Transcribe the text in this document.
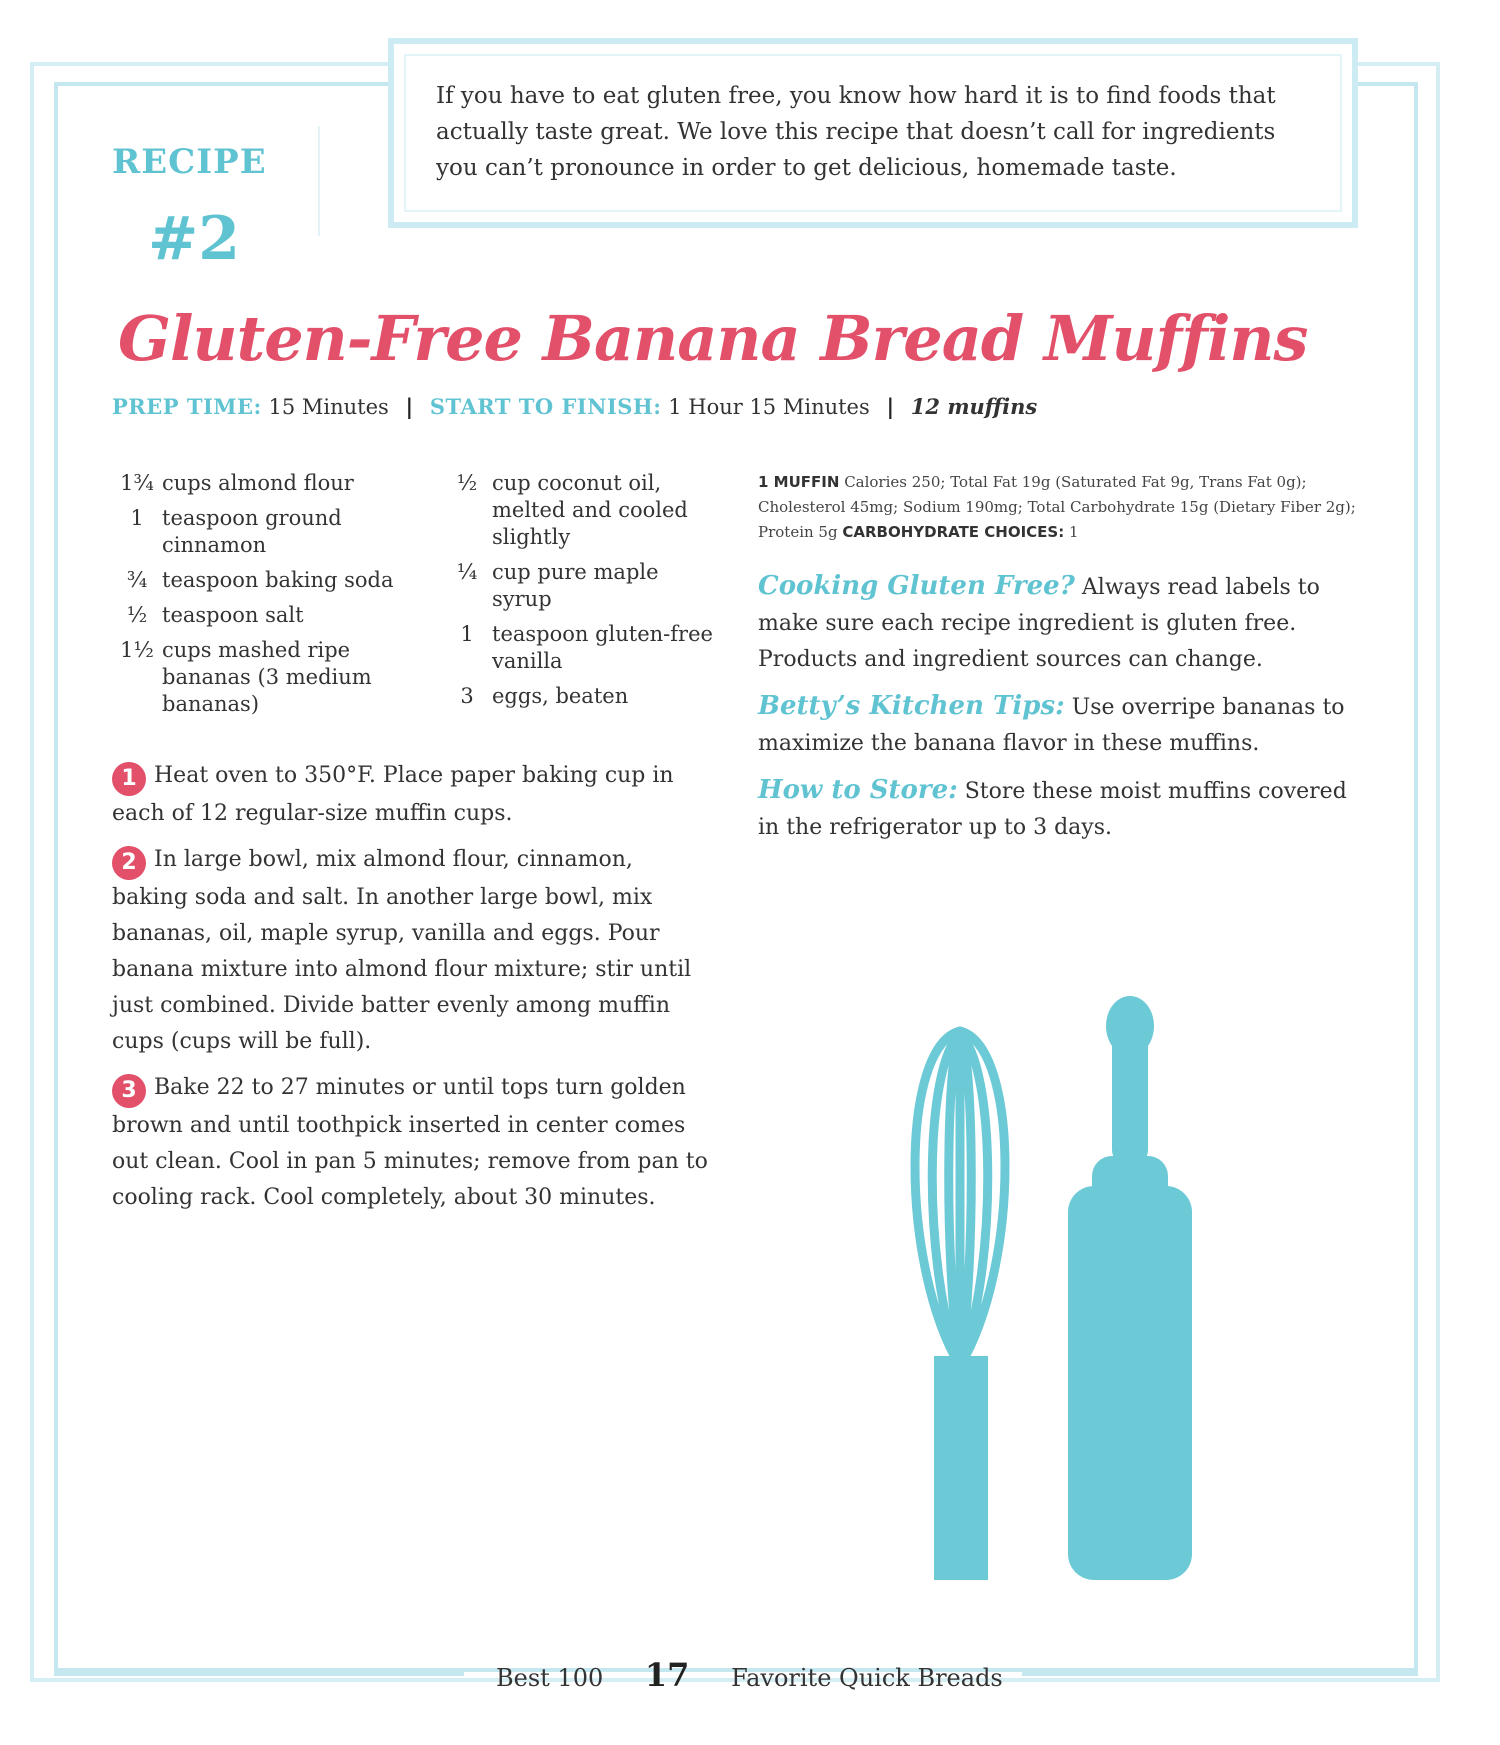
If you have to eat gluten free, you know how hard it is to find foods that actually taste great. We love this recipe that doesn’t call for ingredients you can’t pronounce in order to get delicious, homemade taste.
RECIPE
#2
Gluten-Free Banana Bread Muffins
PREP TIME: 15 Minutes | START TO FINISH: 1 Hour 15 Minutes | 12 muffins
1¾ cups almond flour
1 teaspoon ground cinnamon
¾ teaspoon baking soda
½ teaspoon salt
1½ cups mashed ripe bananas (3 medium bananas)
½ cup coconut oil, melted and cooled slightly
¼ cup pure maple syrup
1 teaspoon gluten-free vanilla
3 eggs, beaten
1 Heat oven to 350°F. Place paper baking cup in each of 12 regular-size muffin cups.
2 In large bowl, mix almond flour, cinnamon, baking soda and salt. In another large bowl, mix bananas, oil, maple syrup, vanilla and eggs. Pour banana mixture into almond flour mixture; stir until just combined. Divide batter evenly among muffin cups (cups will be full).
3 Bake 22 to 27 minutes or until tops turn golden brown and until toothpick inserted in center comes out clean. Cool in pan 5 minutes; remove from pan to cooling rack. Cool completely, about 30 minutes.
1 MUFFIN Calories 250; Total Fat 19g (Saturated Fat 9g, Trans Fat 0g); Cholesterol 45mg; Sodium 190mg; Total Carbohydrate 15g (Dietary Fiber 2g); Protein 5g CARBOHYDRATE CHOICES: 1
Cooking Gluten Free? Always read labels to make sure each recipe ingredient is gluten free. Products and ingredient sources can change.
Betty’s Kitchen Tips: Use overripe bananas to maximize the banana flavor in these muffins.
How to Store: Store these moist muffins covered in the refrigerator up to 3 days.
Best 100 17 Favorite Quick Breads
